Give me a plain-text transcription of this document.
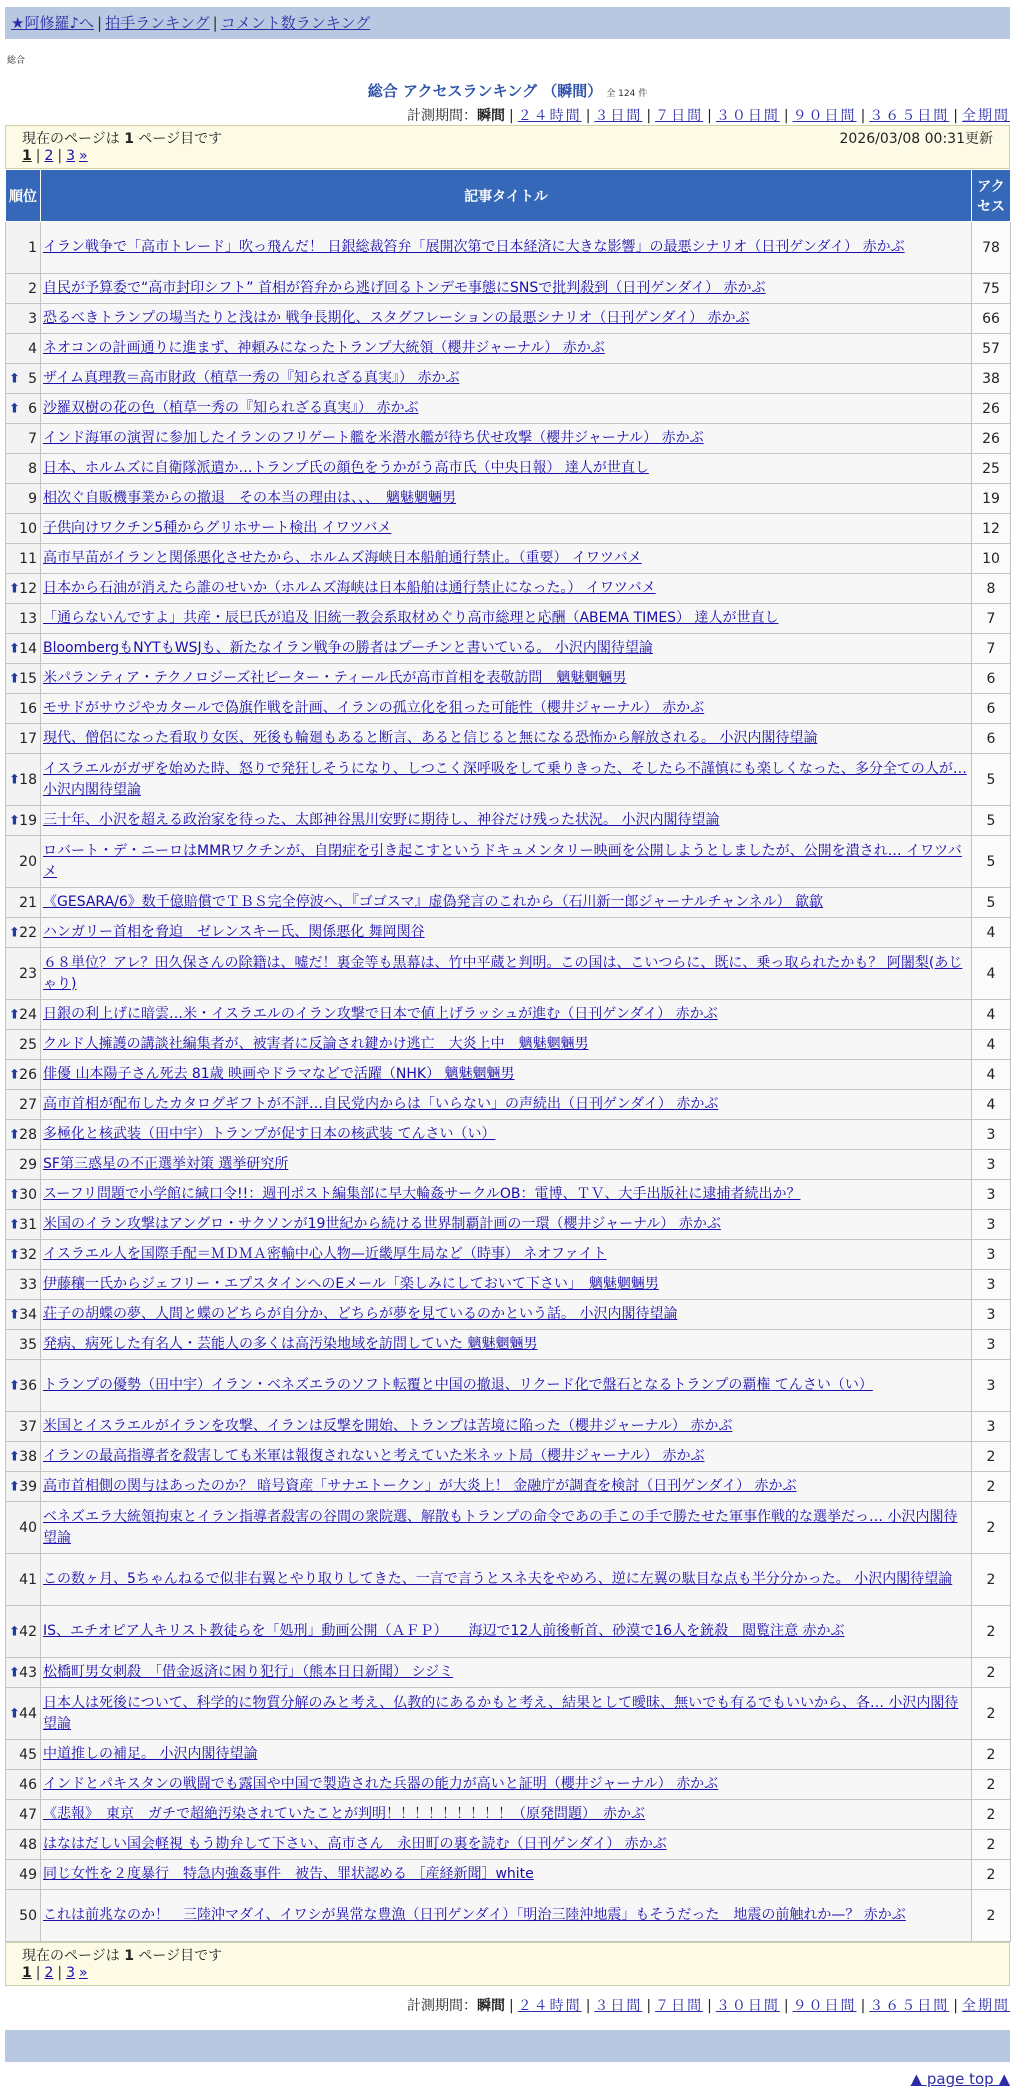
★阿修羅♪へ | 拍手ランキング | コメント数ランキング
総合
総合 アクセスランキング （瞬間） 全 124 件
計測期間：瞬間 | ２４時間 | ３日間 | ７日間 | ３０日間 | ９０日間 | ３６５日間 | 全期間
現在のページは 1 ページ目です	2026/03/08 00:31更新
1 | 2 | 3 »
順位	記事タイトル	アクセス
1	イラン戦争で「高市トレード」吹っ飛んだ！ 日銀総裁笞弁「展開次第で日本経済に大きな影響」の最悪シナリオ（日刊ゲンダイ） 赤かぶ	78
2	自民が予算委で“高市封印シフト” 首相が笞弁から逃げ回るトンデモ事態にSNSで批判殺到（日刊ゲンダイ） 赤かぶ	75
3	恐るべきトランプの場当たりと浅はか 戦争長期化、スタグフレーションの最悪シナリオ（日刊ゲンダイ） 赤かぶ	66
4	ネオコンの計画通りに進まず、神頼みになったトランプ大統領（櫻井ジャーナル） 赤かぶ	57

⬆ 5	ザイム真理教＝高市財政（植草一秀の『知られざる真実』） 赤かぶ	38

⬆ 6	沙羅双樹の花の色（植草一秀の『知られざる真実』） 赤かぶ	26
7	インド海軍の演習に参加したイランのフリゲート艦を米潜水艦が待ち伏せ攻撃（櫻井ジャーナル） 赤かぶ	26
8	日本、ホルムズに自衛隊派遣か…トランプ氏の顔色をうかがう高市氏（中央日報） 達人が世直し	25
9	相次ぐ自販機事業からの撤退　その本当の理由は、、、　魑魅魍魎男	19
10	子供向けワクチン5種からグリホサート検出 イワツバメ	12
11	高市早苗がイランと関係悪化させたから、ホルムズ海峡日本船舶通行禁止。（重要） イワツバメ	10

⬆ 12	日本から石油が消えたら誰のせいか（ホルムズ海峡は日本船舶は通行禁止になった。） イワツバメ	8
13	「通らないんですよ」共産・辰巳氏が追及 旧統一教会系取材めぐり高市総理と応酬（ABEMA TIMES） 達人が世直し	7

⬆ 14	BloombergもNYTもWSJも、新たなイラン戦争の勝者はプーチンと書いている。 小沢内閣待望論	7

⬆ 15	米パランティア・テクノロジーズ社ピーター・ティール氏が高市首相を表敬訪問　魑魅魍魎男	6
16	モサドがサウジやカタールで偽旗作戦を計画、イランの孤立化を狙った可能性（櫻井ジャーナル） 赤かぶ	6
17	現代、僧侶になった看取り女医、死後も輪廻もあると断言、あると信じると無になる恐怖から解放される。 小沢内閣待望論	6

⬆ 18	イスラエルがガザを始めた時、怒りで発狂しそうになり、しつこく深呼吸をして乗りきった、そしたら不謹慎にも楽しくなった、多分全ての人が… 小沢内閣待望論	5

⬆ 19	三十年、小沢を超える政治家を待った、太郎神谷黒川安野に期待し、神谷だけ残った状況。 小沢内閣待望論	5
20	ロバート・デ・ニーロはMMRワクチンが、自閉症を引き起こすというドキュメンタリー映画を公開しようとしましたが、公開を潰され… イワツバメ	5
21	《GESARA/6》数千億賠償でＴＢＳ完全停波へ、『ゴゴスマ』虚偽発言のこれから（石川新一郎ジャーナルチャンネル） 歙歙	5

⬆ 22	ハンガリー首相を脅迫　ゼレンスキー氏、関係悪化 舞岡関谷	4
23	６８単位？アレ？田久保さんの除籍は、嘘だ！裏金等も黒幕は、竹中平蔵と判明。この国は、こいつらに、既に、乗っ取られたかも？ 阿闍梨(あじゃり)	4

⬆ 24	日銀の利上げに暗雲…米・イスラエルのイラン攻撃で日本で値上げラッシュが進む（日刊ゲンダイ） 赤かぶ	4
25	クルド人擁護の講談社編集者が、被害者に反論され鍵かけ逃亡　大炎上中　魑魅魍魎男	4

⬆ 26	俳優 山本陽子さん死去 81歳 映画やドラマなどで活躍（NHK） 魑魅魍魎男	4
27	高市首相が配布したカタログギフトが不評…自民党内からは「いらない」の声続出（日刊ゲンダイ） 赤かぶ	4

⬆ 28	多極化と核武装（田中宇）トランプが促す日本の核武装 てんさい（い）	3
29	SF第三惑星の不正選挙対策 選挙研究所	3

⬆ 30	スーフリ問題で小学館に緘口令!!：週刊ポスト編集部に早大輪姦サークルOB：電博、ＴＶ、大手出版社に逮捕者続出か？	3

⬆ 31	米国のイラン攻撃はアングロ・サクソンが19世紀から続ける世界制覇計画の一環（櫻井ジャーナル） 赤かぶ	3

⬆ 32	イスラエル人を国際手配＝ＭＤＭＡ密輸中心人物—近畿厚生局など（時事） ネオファイト	3
33	伊藤穰一氏からジェフリー・エプスタインへのEメール「楽しみにしておいて下さい」　魑魅魍魎男	3

⬆ 34	荘子の胡蝶の夢、人間と蝶のどちらが自分か、どちらが夢を見ているのかという話。 小沢内閣待望論	3
35	発病、病死した有名人・芸能人の多くは高汚染地域を訪問していた 魑魅魍魎男	3

⬆ 36	トランプの優勢（田中宇）イラン・ベネズエラのソフト転覆と中国の撤退、リクード化で盤石となるトランプの覇権 てんさい（い）	3
37	米国とイスラエルがイランを攻撃、イランは反撃を開始、トランプは苦境に陥った（櫻井ジャーナル） 赤かぶ	3

⬆ 38	イランの最高指導者を殺害しても米軍は報復されないと考えていた米ネット局（櫻井ジャーナル） 赤かぶ	2

⬆ 39	高市首相側の関与はあったのか？ 暗号資産「サナエトークン」が大炎上！ 金融庁が調査を検討（日刊ゲンダイ） 赤かぶ	2
40	ベネズエラ大統領拘束とイラン指導者殺害の谷間の衆院選、解散もトランプの命令であの手この手で勝たせた軍事作戦的な選挙だっ… 小沢内閣待望論	2
41	この数ヶ月、5ちゃんねるで似非右翼とやり取りしてきた、一言で言うとスネ夫をやめろ、逆に左翼の駄目な点も半分分かった。 小沢内閣待望論	2

⬆ 42	IS、エチオピア人キリスト教徒らを「処刑」動画公開（ＡＦＰ）　　海辺で12人前後斬首、砂漠で16人を銃殺　閲覧注意 赤かぶ	2

⬆ 43	松橋町男女刺殺　「借金返済に困り犯行」（熊本日日新聞） シジミ	2

⬆ 44	日本人は死後について、科学的に物質分解のみと考え、仏教的にあるかもと考え、結果として曖昧、無いでも有るでもいいから、各… 小沢内閣待望論	2
45	中道推しの補足。 小沢内閣待望論	2
46	インドとパキスタンの戦闘でも露国や中国で製造された兵器の能力が高いと証明（櫻井ジャーナル） 赤かぶ	2
47	《悲報》　東京　ガチで超絶汚染されていたことが判明！！！！！！！！！（原発問題）　赤かぶ	2
48	はなはだしい国会軽視 もう勘弁して下さい、高市さん　永田町の裏を読む（日刊ゲンダイ） 赤かぶ	2
49	同じ女性を２度暴行　特急内強姦事件　被告、罪状認める ［産経新聞］white	2
50	これは前兆なのか！　三陸沖マダイ、イワシが異常な豊漁（日刊ゲンダイ）「明治三陸沖地震」もそうだった　地震の前触れか—？ 赤かぶ	2
現在のページは 1 ページ目です
1 | 2 | 3 »
計測期間：瞬間 | ２４時間 | ３日間 | ７日間 | ３０日間 | ９０日間 | ３６５日間 | 全期間
▲ page top ▲
